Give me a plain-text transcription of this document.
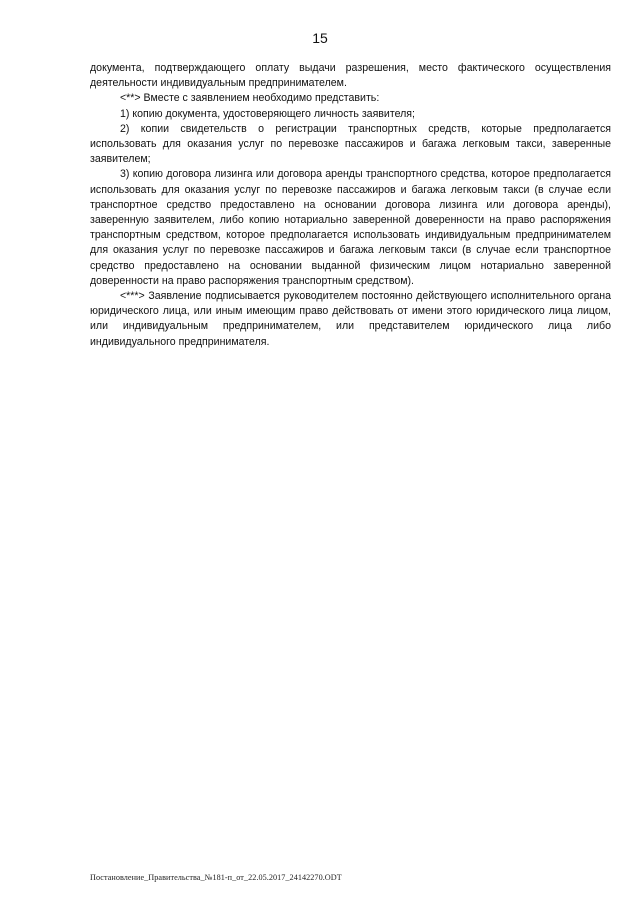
15

документа, подтверждающего оплату выдачи разрешения, место фактического осуществления деятельности индивидуальным предпринимателем.

<**> Вместе с заявлением необходимо представить:

1) копию документа, удостоверяющего личность заявителя;

2) копии свидетельств о регистрации транспортных средств, которые предполагается использовать для оказания услуг по перевозке пассажиров и багажа легковым такси, заверенные заявителем;

3) копию договора лизинга или договора аренды транспортного средства, которое предполагается использовать для оказания услуг по перевозке пассажиров и багажа легковым такси (в случае если транспортное средство предоставлено на основании договора лизинга или договора аренды), заверенную заявителем, либо копию нотариально заверенной доверенности на право распоряжения транспортным средством, которое предполагается использовать индивидуальным предпринимателем для оказания услуг по перевозке пассажиров и багажа легковым такси (в случае если транспортное средство предоставлено на основании выданной физическим лицом нотариально заверенной доверенности на право распоряжения транспортным средством).

<***> Заявление подписывается руководителем постоянно действующего исполнительного органа юридического лица, или иным имеющим право действовать от имени этого юридического лица лицом, или индивидуальным предпринимателем, или представителем юридического лица либо индивидуального предпринимателя.

Постановление_Правительства_№181-п_от_22.05.2017_24142270.ODT
